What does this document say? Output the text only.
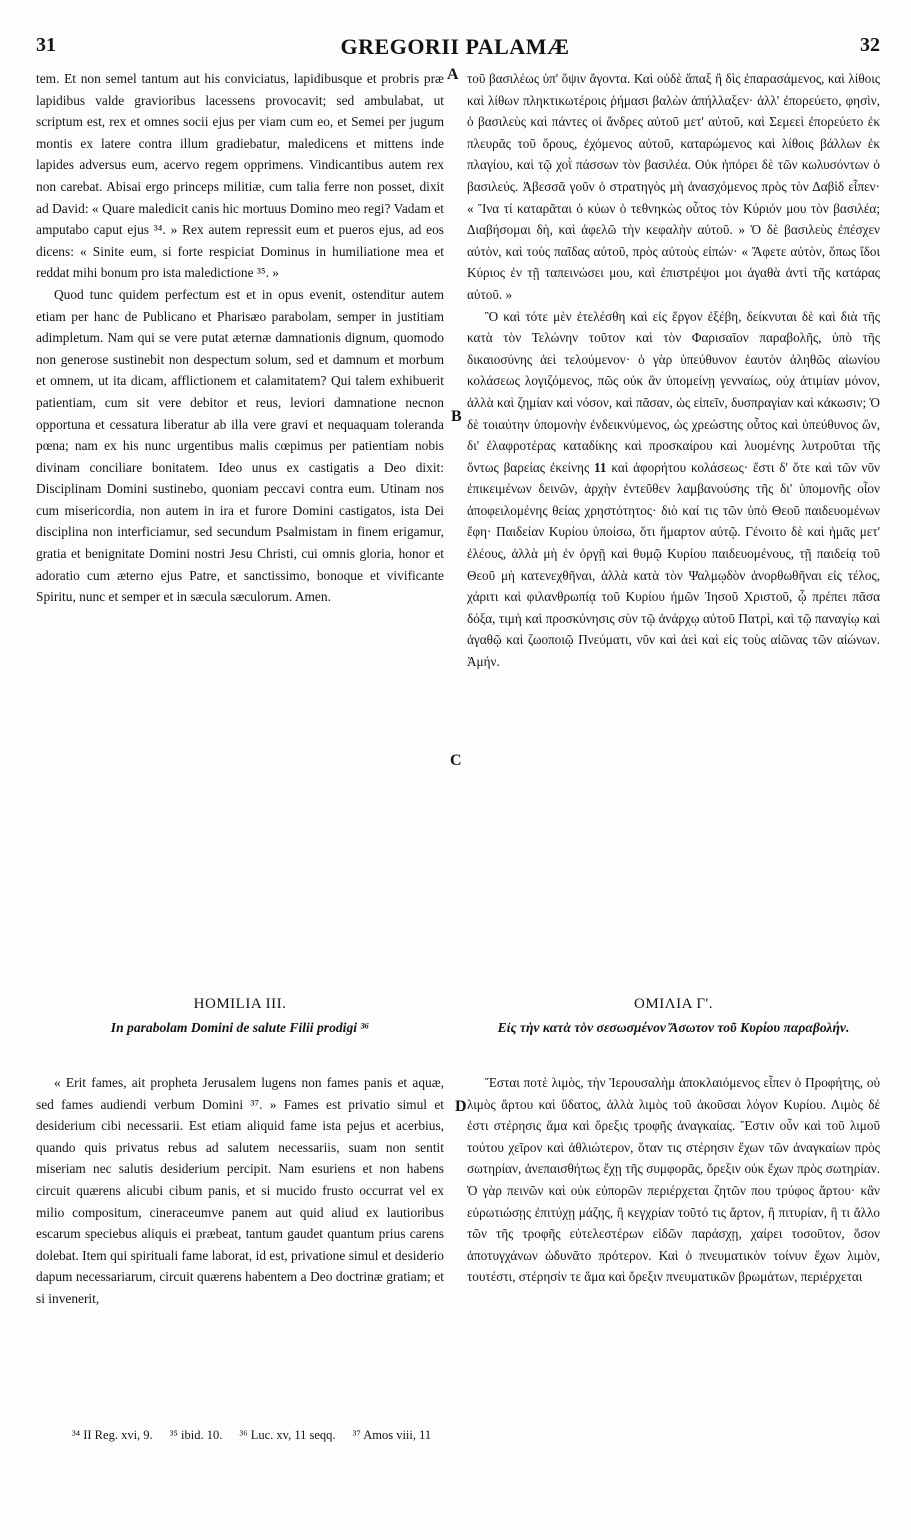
31	GREGORII PALAMÆ	32
A
B
C
D

tem. Et non semel tantum aut his conviciatus, lapidibusque et probris præ lapidibus valde gravioribus lacessens provocavit; sed ambulabat, ut scriptum est, rex et omnes socii ejus per viam cum eo, et Semei per jugum montis ex latere contra illum gradiebatur, maledicens et mittens inde lapides adversus eum, acervo regem opprimens. Vindicantibus autem rex non carebat. Abisai ergo princeps militiæ, cum talia ferre non posset, dixit ad David: « Quare maledicit canis hic mortuus Domino meo regi? Vadam et amputabo caput ejus ³⁴. » Rex autem repressit eum et pueros ejus, ad eos dicens: « Sinite eum, si forte respiciat Dominus in humiliatione mea et reddat mihi bonum pro ista maledictione ³⁵. »

Quod tunc quidem perfectum est et in opus evenit, ostenditur autem etiam per hanc de Publicano et Pharisæo parabolam, semper in justitiam adimpletum. Nam qui se vere putat æternæ damnationis dignum, quomodo non generose sustinebit non despectum solum, sed et damnum et morbum et omnem, ut ita dicam, afflictionem et calamitatem? Qui talem exhibuerit patientiam, cum sit vere debitor et reus, leviori damnatione necnon opportuna et cessatura liberatur ab illa vere gravi et nequaquam toleranda pœna; nam ex his nunc urgentibus malis cœpimus per patientiam nobis divinam conciliare bonitatem. Ideo unus ex castigatis a Deo dixit: Disciplinam Domini sustinebo, quoniam peccavi contra eum. Utinam nos cum misericordia, non autem in ira et furore Domini castigatos, ista Dei disciplina non interficiamur, sed secundum Psalmistam in finem erigamur, gratia et benignitate Domini nostri Jesu Christi, cui omnis gloria, honor et adoratio cum æterno ejus Patre, et sanctissimo, bonoque et vivificante Spiritu, nunc et semper et in sæcula sæculorum. Amen.

τοῦ βασιλέως ὑπ' ὄψιν ἄγοντα. Καὶ οὐδὲ ἅπαξ ἢ δὶς ἐπαρασάμενος, καὶ λίθοις καὶ λίθων πληκτικωτέροις ῥήμασι βαλὼν ἀπήλλαξεν· ἀλλ' ἐπορεύετο, φησὶν, ὁ βασιλεὺς καὶ πάντες οἱ ἄνδρες αὐτοῦ μετ' αὐτοῦ, καὶ Σεμεεὶ ἐπορεύετο ἐκ πλευρᾶς τοῦ ὄρους, ἐχόμενος αὐτοῦ, καταρώμενος καὶ λίθοις βάλλων ἐκ πλαγίου, καὶ τῷ χοῒ πάσσων τὸν βασιλέα. Οὐκ ἠπόρει δὲ τῶν κωλυσόντων ὁ βασιλεύς. Ἀβεσσᾶ γοῦν ὁ στρατηγὸς μὴ ἀνασχόμενος πρὸς τὸν Δαβὶδ εἶπεν· « Ἵνα τί καταρᾶται ὁ κύων ὁ τεθνηκὼς οὗτος τὸν Κύριόν μου τὸν βασιλέα; Διαβήσομαι δὴ, καὶ ἀφελῶ τὴν κεφαλὴν αὐτοῦ. » Ὁ δὲ βασιλεὺς ἐπέσχεν αὐτὸν, καὶ τοὺς παῖδας αὐτοῦ, πρὸς αὐτοὺς εἰπών· « Ἄφετε αὐτὸν, ὅπως ἴδοι Κύριος ἐν τῇ ταπεινώσει μου, καὶ ἐπιστρέψοι μοι ἀγαθὰ ἀντὶ τῆς κατάρας αὐτοῦ. »

Ὃ καὶ τότε μὲν ἐτελέσθη καὶ εἰς ἔργον ἐξέβη, δείκνυται δὲ καὶ διὰ τῆς κατὰ τὸν Τελώνην τοῦτον καὶ τὸν Φαρισαῖον παραβολῆς, ὑπὸ τῆς δικαιοσύνης ἀεὶ τελούμενον· ὁ γὰρ ὑπεύθυνον ἑαυτὸν ἀληθῶς αἰωνίου κολάσεως λογιζόμενος, πῶς οὐκ ἂν ὑπομείνῃ γενναίως, οὐχ ἀτιμίαν μόνον, ἀλλὰ καὶ ζημίαν καὶ νόσον, καὶ πᾶσαν, ὡς εἰπεῖν, δυσπραγίαν καὶ κάκωσιν; Ὁ δὲ τοιαύτην ὑπομονὴν ἐνδεικνύμενος, ὡς χρεώστης οὗτος καὶ ὑπεύθυνος ὢν, δι' ἐλαφροτέρας καταδίκης καὶ προσκαίρου καὶ λυομένης λυτροῦται τῆς ὄντως βαρείας ἐκείνης 11 καὶ ἀφορήτου κολάσεως· ἔστι δ' ὅτε καὶ τῶν νῦν ἐπικειμένων δεινῶν, ἀρχὴν ἐντεῦθεν λαμβανούσης τῆς δι' ὑπομονῆς οἷον ἀποφειλομένης θείας χρηστότητος· διὸ καί τις τῶν ὑπὸ Θεοῦ παιδευομένων ἔφη· Παιδείαν Κυρίου ὑποίσω, ὅτι ἥμαρτον αὐτῷ. Γένοιτο δὲ καὶ ἡμᾶς μετ' ἐλέους, ἀλλὰ μὴ ἐν ὀργῇ καὶ θυμῷ Κυρίου παιδευομένους, τῇ παιδείᾳ τοῦ Θεοῦ μὴ κατενεχθῆναι, ἀλλὰ κατὰ τὸν Ψαλμῳδὸν ἀνορθωθῆναι εἰς τέλος, χάριτι καὶ φιλανθρωπίᾳ τοῦ Κυρίου ἡμῶν Ἰησοῦ Χριστοῦ, ᾧ πρέπει πᾶσα δόξα, τιμὴ καὶ προσκύνησις σὺν τῷ ἀνάρχῳ αὐτοῦ Πατρὶ, καὶ τῷ παναγίῳ καὶ ἀγαθῷ καὶ ζωοποιῷ Πνεύματι, νῦν καὶ ἀεὶ καὶ εἰς τοὺς αἰῶνας τῶν αἰώνων. Ἀμήν.

HOMILIA III.
In parabolam Domini de salute Filii prodigi ³⁶
ΟΜΙΛΙΑ Γ'.
Εἰς τὴν κατὰ τὸν σεσωσμένον Ἄσωτον τοῦ Κυρίου παραβολήν.

« Erit fames, ait propheta Jerusalem lugens non fames panis et aquæ, sed fames audiendi verbum Domini ³⁷. » Fames est privatio simul et desiderium cibi necessarii. Est etiam aliquid fame ista pejus et acerbius, quando quis privatus rebus ad salutem necessariis, suam non sentit miseriam nec salutis desiderium percipit. Nam esuriens et non habens circuit quærens alicubi cibum panis, et si mucido frusto occurrat vel ex milio compositum, cineraceumve panem aut quid aliud ex lautioribus escarum speciebus aliquis ei præbeat, tantum gaudet quantum prius carens dolebat. Item qui spirituali fame laborat, id est, privatione simul et desiderio dapum necessariarum, circuit quærens habentem a Deo doctrinæ gratiam; et si invenerit,

Ἔσται ποτὲ λιμὸς, τὴν Ἱερουσαλὴμ ἀποκλαιόμενος εἶπεν ὁ Προφήτης, οὐ λιμὸς ἄρτου καὶ ὕδατος, ἀλλὰ λιμὸς τοῦ ἀκοῦσαι λόγον Κυρίου. Λιμὸς δέ ἐστι στέρησις ἅμα καὶ ὄρεξις τροφῆς ἀναγκαίας. Ἔστιν οὖν καὶ τοῦ λιμοῦ τούτου χεῖρον καὶ ἀθλιώτερον, ὅταν τις στέρησιν ἔχων τῶν ἀναγκαίων πρὸς σωτηρίαν, ἀνεπαισθήτως ἔχῃ τῆς συμφορᾶς, ὄρεξιν οὐκ ἔχων πρὸς σωτηρίαν. Ὁ γὰρ πεινῶν καὶ οὐκ εὐπορῶν περιέρχεται ζητῶν που τρύφος ἄρτου· κἂν εὐρωτιώσῃς ἐπιτύχῃ μάζης, ἢ κεγχρίαν τοῦτό τις ἄρτον, ἢ πιτυρίαν, ἢ τι ἄλλο τῶν τῆς τροφῆς εὐτελεστέρων εἰδῶν παράσχῃ, χαίρει τοσοῦτον, ὅσον ἀποτυγχάνων ὠδυνᾶτο πρότερον. Καὶ ὁ πνευματικὸν τοίνυν ἔχων λιμὸν, τουτέστι, στέρησίν τε ἅμα καὶ ὄρεξιν πνευματικῶν βρωμάτων, περιέρχεται

³⁴ II Reg. xvi, 9. ³⁵ ibid. 10. ³⁶ Luc. xv, 11 seqq. ³⁷ Amos viii, 11
